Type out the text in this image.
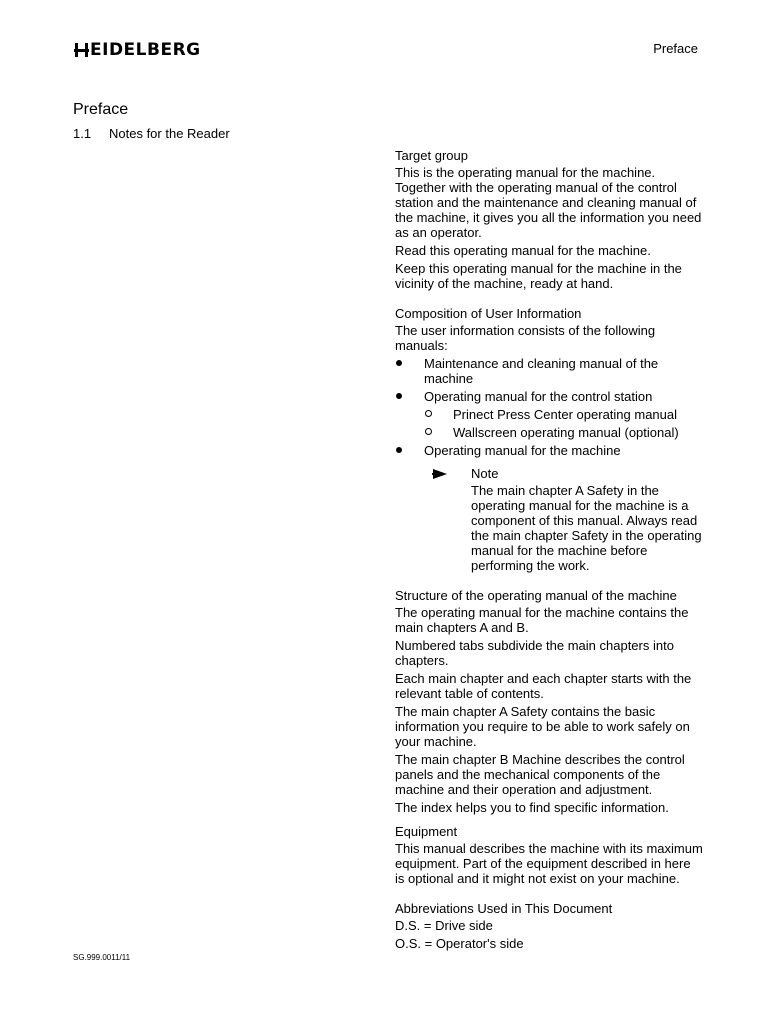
EIDELBERG	Preface
Preface
1.1 Notes for the Reader
Target group

This is the operating manual for the machine. Together with the operating manual of the control station and the maintenance and cleaning manual of the machine, it gives you all the information you need as an operator.

Read this operating manual for the machine.

Keep this operating manual for the machine in the vicinity of the machine, ready at hand.

Composition of User Information

The user information consists of the following manuals:

Maintenance and cleaning manual of the machine
Operating manual for the control station
Prinect Press Center operating manual
Wallscreen operating manual (optional)
Operating manual for the machine
Note

The main chapter A Safety in the operating manual for the machine is a component of this manual. Always read the main chapter Safety in the operating manual for the machine before performing the work.

Structure of the operating manual of the machine

The operating manual for the machine contains the main chapters A and B.

Numbered tabs subdivide the main chapters into chapters.

Each main chapter and each chapter starts with the relevant table of contents.

The main chapter A Safety contains the basic information you require to be able to work safely on your machine.

The main chapter B Machine describes the control panels and the mechanical components of the machine and their operation and adjustment.

The index helps you to find specific information.

Equipment

This manual describes the machine with its maximum equipment. Part of the equipment described in here is optional and it might not exist on your machine.

Abbreviations Used in This Document

D.S. = Drive side

O.S. = Operator's side

SG.999.0011/11
